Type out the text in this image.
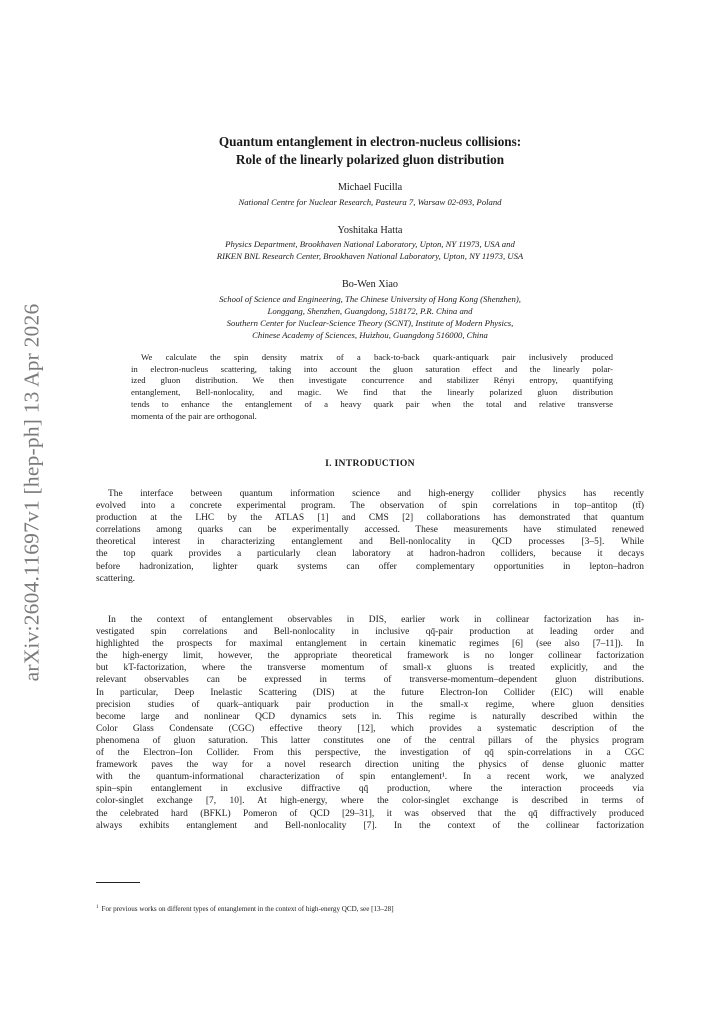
arXiv:2604.11697v1 [hep-ph] 13 Apr 2026
Quantum entanglement in electron-nucleus collisions:
Role of the linearly polarized gluon distribution
Michael Fucilla
National Centre for Nuclear Research, Pasteura 7, Warsaw 02-093, Poland
Yoshitaka Hatta
Physics Department, Brookhaven National Laboratory, Upton, NY 11973, USA and
RIKEN BNL Research Center, Brookhaven National Laboratory, Upton, NY 11973, USA
Bo-Wen Xiao
School of Science and Engineering, The Chinese University of Hong Kong (Shenzhen),
Longgang, Shenzhen, Guangdong, 518172, P.R. China and
Southern Center for Nuclear-Science Theory (SCNT), Institute of Modern Physics,
Chinese Academy of Sciences, Huizhou, Guangdong 516000, China
We calculate the spin density matrix of a back-to-back quark-antiquark pair inclusively produced
in electron-nucleus scattering, taking into account the gluon saturation effect and the linearly polar-
ized gluon distribution. We then investigate concurrence and stabilizer Rényi entropy, quantifying
entanglement, Bell-nonlocality, and magic. We find that the linearly polarized gluon distribution
tends to enhance the entanglement of a heavy quark pair when the total and relative transverse
momenta of the pair are orthogonal.
I. INTRODUCTION
The interface between quantum information science and high-energy collider physics has recently
evolved into a concrete experimental program. The observation of spin correlations in top–antitop (tt̄)
production at the LHC by the ATLAS [1] and CMS [2] collaborations has demonstrated that quantum
correlations among quarks can be experimentally accessed. These measurements have stimulated renewed
theoretical interest in characterizing entanglement and Bell-nonlocality in QCD processes [3–5]. While
the top quark provides a particularly clean laboratory at hadron-hadron colliders, because it decays
before hadronization, lighter quark systems can offer complementary opportunities in lepton–hadron
scattering.
In the context of entanglement observables in DIS, earlier work in collinear factorization has in-
vestigated spin correlations and Bell-nonlocality in inclusive qq̄-pair production at leading order and
highlighted the prospects for maximal entanglement in certain kinematic regimes [6] (see also [7–11]). In
the high-energy limit, however, the appropriate theoretical framework is no longer collinear factorization
but kT-factorization, where the transverse momentum of small-x gluons is treated explicitly, and the
relevant observables can be expressed in terms of transverse-momentum–dependent gluon distributions.
In particular, Deep Inelastic Scattering (DIS) at the future Electron-Ion Collider (EIC) will enable
precision studies of quark–antiquark pair production in the small-x regime, where gluon densities
become large and nonlinear QCD dynamics sets in. This regime is naturally described within the
Color Glass Condensate (CGC) effective theory [12], which provides a systematic description of the
phenomena of gluon saturation. This latter constitutes one of the central pillars of the physics program
of the Electron–Ion Collider. From this perspective, the investigation of qq̄ spin-correlations in a CGC
framework paves the way for a novel research direction uniting the physics of dense gluonic matter
with the quantum-informational characterization of spin entanglement¹. In a recent work, we analyzed
spin–spin entanglement in exclusive diffractive qq̄ production, where the interaction proceeds via
color-singlet exchange [7, 10]. At high-energy, where the color-singlet exchange is described in terms of
the celebrated hard (BFKL) Pomeron of QCD [29–31], it was observed that the qq̄ diffractively produced
always exhibits entanglement and Bell-nonlocality [7]. In the context of the collinear factorization
$^1$ For previous works on different types of entanglement in the context of high-energy QCD, see [13–28]
